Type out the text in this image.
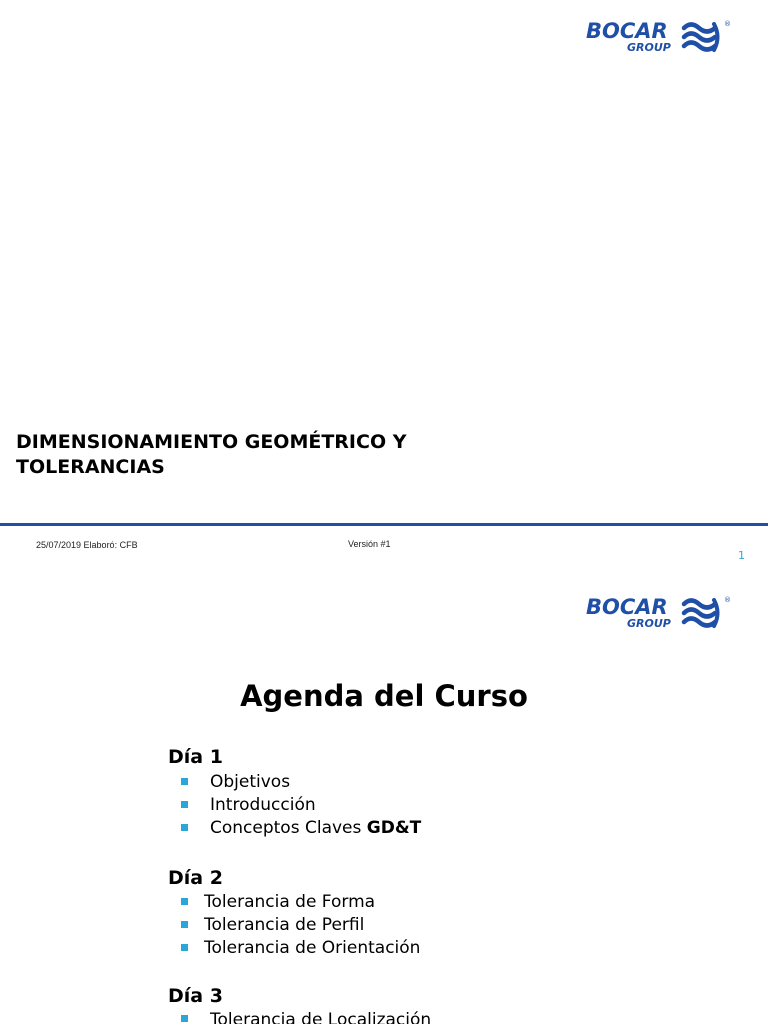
BOCAR
GROUP
®
DIMENSIONAMIENTO GEOMÉTRICO Y TOLERANCIAS
25/07/2019 Elaboró: CFB	Versión #1
1
BOCAR
GROUP
®
Agenda del Curso
Día 1
Objetivos
Introducción
Conceptos Claves GD&T
Día 2
Tolerancia de Forma
Tolerancia de Perfil
Tolerancia de Orientación
Día 3
Tolerancia de Localización
